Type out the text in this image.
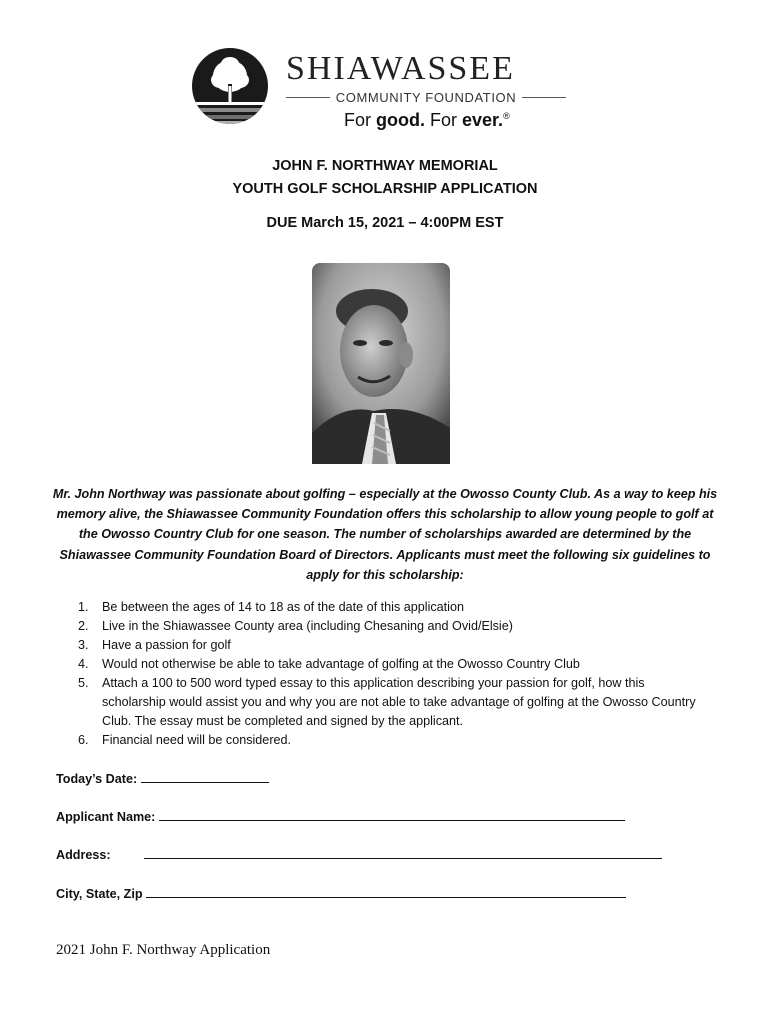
SHIAWASSEE
COMMUNITY FOUNDATION
For good. For ever.®
JOHN F. NORTHWAY MEMORIAL
YOUTH GOLF SCHOLARSHIP APPLICATION
DUE March 15, 2021 – 4:00PM EST
Mr. John Northway was passionate about golfing – especially at the Owosso County Club. As a way to keep his memory alive, the Shiawassee Community Foundation offers this scholarship to allow young people to golf at the Owosso Country Club for one season. The number of scholarships awarded are determined by the Shiawassee Community Foundation Board of Directors. Applicants must meet the following six guidelines to apply for this scholarship:
1. Be between the ages of 14 to 18 as of the date of this application
2. Live in the Shiawassee County area (including Chesaning and Ovid/Elsie)
3. Have a passion for golf
4. Would not otherwise be able to take advantage of golfing at the Owosso Country Club
5. Attach a 100 to 500 word typed essay to this application describing your passion for golf, how this scholarship would assist you and why you are not able to take advantage of golfing at the Owosso Country Club. The essay must be completed and signed by the applicant.
6. Financial need will be considered.
Today’s Date:
Applicant Name:
Address:
City, State, Zip
2021 John F. Northway Application
